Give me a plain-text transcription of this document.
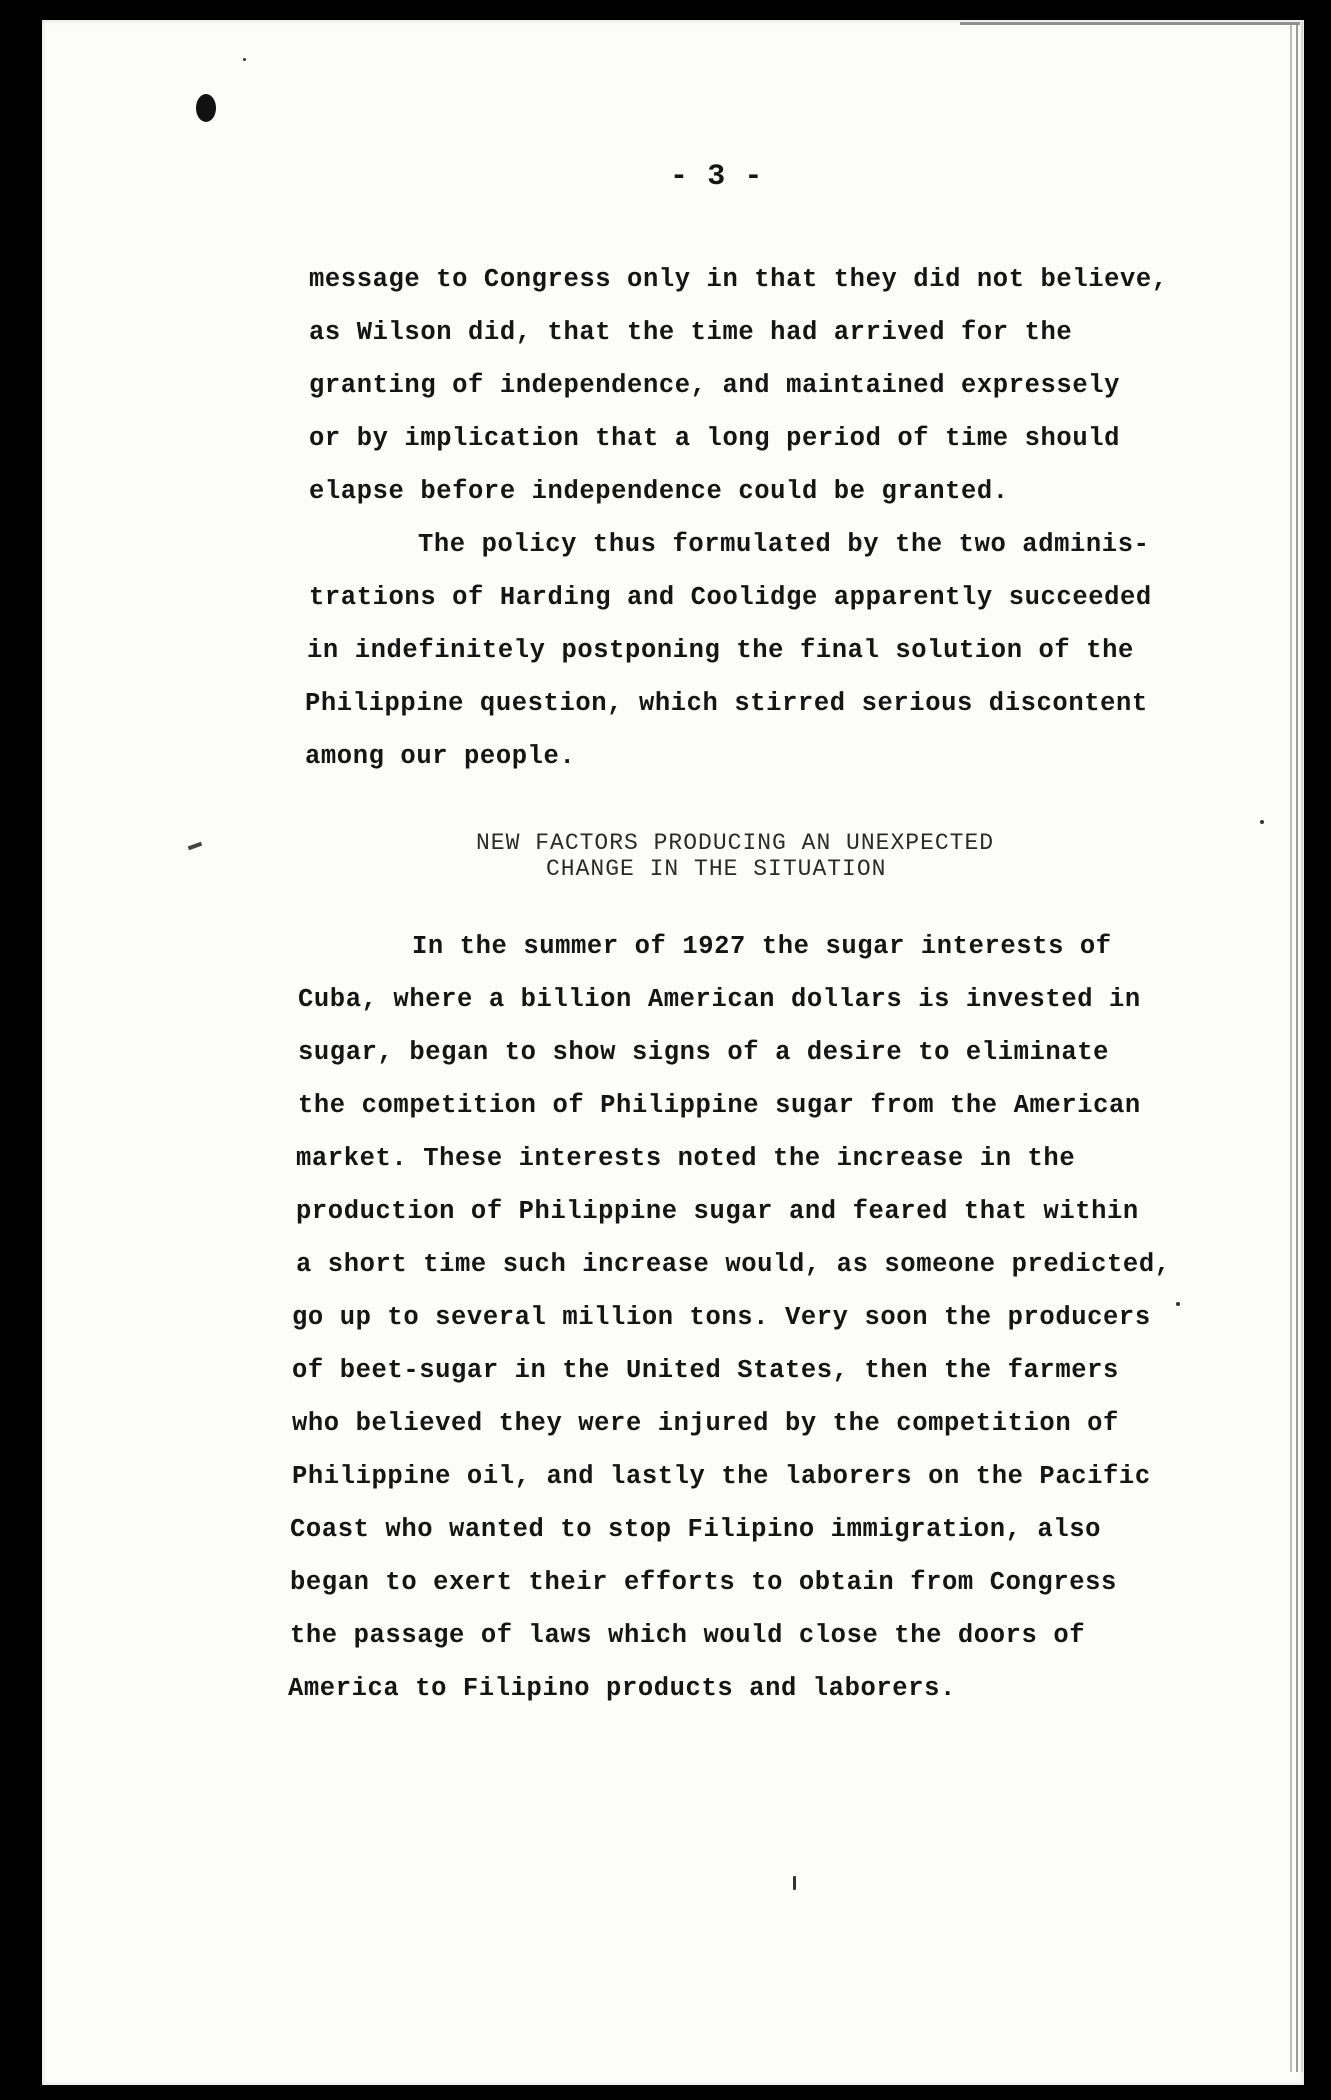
- 3 -
message to Congress only in that they did not believe,
as Wilson did, that the time had arrived for the
granting of independence, and maintained expressely
or by implication that a long period of time should
elapse before independence could be granted.
The policy thus formulated by the two adminis-
trations of Harding and Coolidge apparently succeeded
in indefinitely postponing the final solution of the
Philippine question, which stirred serious discontent
among our people.
NEW FACTORS PRODUCING AN UNEXPECTED
CHANGE IN THE SITUATION
In the summer of 1927 the sugar interests of
Cuba, where a billion American dollars is invested in
sugar, began to show signs of a desire to eliminate
the competition of Philippine sugar from the American
market. These interests noted the increase in the
production of Philippine sugar and feared that within
a short time such increase would, as someone predicted,
go up to several million tons. Very soon the producers
of beet-sugar in the United States, then the farmers
who believed they were injured by the competition of
Philippine oil, and lastly the laborers on the Pacific
Coast who wanted to stop Filipino immigration, also
began to exert their efforts to obtain from Congress
the passage of laws which would close the doors of
America to Filipino products and laborers.
